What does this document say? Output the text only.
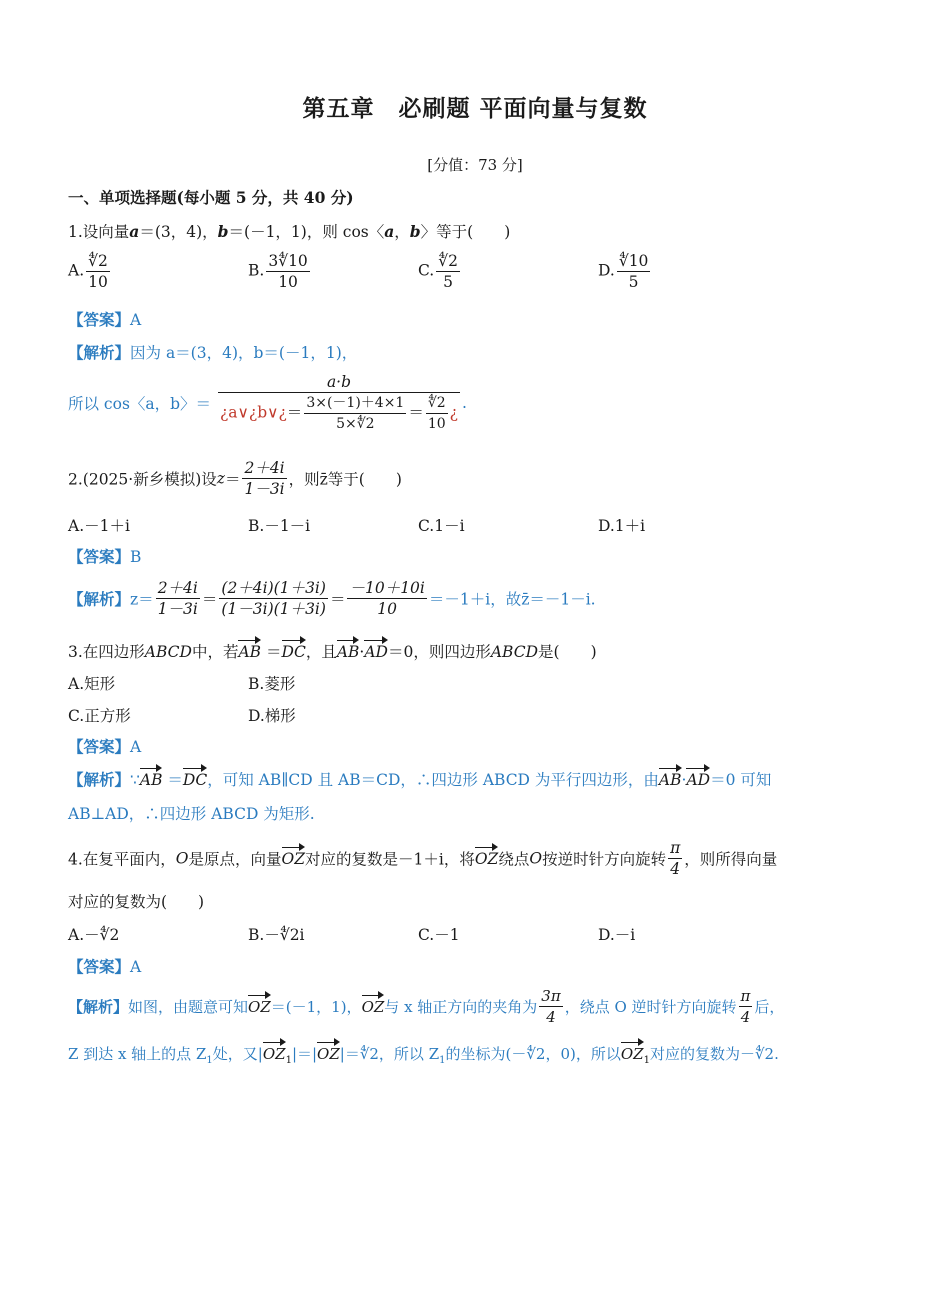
第五章　必刷题 平面向量与复数
[分值：73 分]
一、单项选择题(每小题 5 分，共 40 分)
1.设向量a＝(3，4)，b＝(－1，1)，则 cos〈a，b〉等于(　　)
A. $\frac{∜2}{10}$	B. $\frac{3∜10}{10}$	C. $\frac{∜2}{5}$	D. $\frac{∜10}{5}$
【答案】A
【解析】因为 a＝(3，4)，b＝(－1，1)，
所以 cos〈a，b〉＝ $\frac{a\cdot b}{¿a\vee¿b\vee¿= \frac{3\times(-1)+4\times 1}{5\times∜2} = \frac{∜2}{10} ¿}$ .
2.(2025·新乡模拟)设$z= \frac{2+4i}{1-3i}$ ，则z̄等于(　　)
A.－1＋i	B.－1－i	C.1－i	D.1＋i
【答案】B
【解析】$z= \frac{2+4i}{1-3i} = \frac{(2+4i)(1+3i)}{(1-3i)(1+3i)} = \frac{-10+10i}{10} =-1+i$，故z̄＝－1－i.
3.在四边形ABCD中，若AB ＝DC，且AB·AD＝0，则四边形ABCD是(　　)
A.矩形	B.菱形
C.正方形	D.梯形
【答案】A
【解析】∵AB ＝DC，可知 AB∥CD 且 AB＝CD，∴四边形 ABCD 为平行四边形，由AB·AD＝0 可知
AB⊥AD，∴四边形 ABCD 为矩形.
4.在复平面内，O是原点，向量OZ对应的复数是－1＋i，将OZ绕点O按逆时针方向旋转 $\frac{\pi}{4}$ ，则所得向量
对应的复数为(　　)
A.－∜2	B.－∜2i	C.－1	D.－i
【答案】A
【解析】如图，由题意可知OZ＝(－1，1)，OZ与 x 轴正方向的夹角为 $\frac{3\pi}{4}$ ，绕点 O 逆时针方向旋转 $\frac{\pi}{4}$ 后，
Z 到达 x 轴上的点 $Z_1$处，又$|OZ_1|=|OZ|=∜2$，所以 $Z_1$的坐标为(－∜2，0)，所以$OZ_1$对应的复数为－∜2.
